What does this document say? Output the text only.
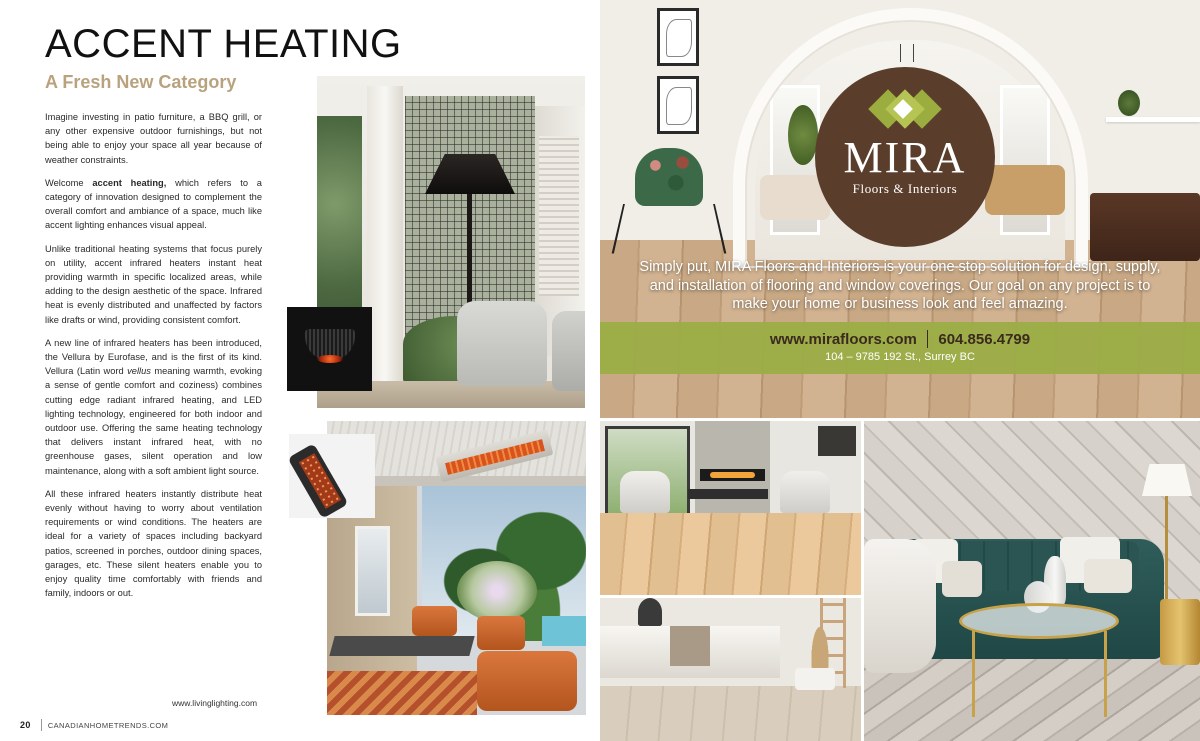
ACCENT HEATING
A Fresh New Category

Imagine investing in patio furniture, a BBQ grill, or any other expensive outdoor furnishings, but not being able to enjoy your space all year because of weather constraints.

Welcome accent heating, which refers to a category of innovation designed to complement the overall comfort and ambiance of a space, much like accent lighting enhances visual appeal.

Unlike traditional heating systems that focus purely on utility, accent infrared heaters instant heat providing warmth in specific localized areas, while adding to the design aesthetic of the space. Infrared heat is evenly distributed and unaffected by factors like drafts or wind, providing consistent comfort.

A new line of infrared heaters has been introduced, the Vellura by Eurofase, and is the first of its kind. Vellura (Latin word vellus meaning warmth, evoking a sense of gentle comfort and coziness) combines cutting edge radiant infrared heating, and LED lighting technology, engineered for both indoor and outdoor use. Offering the same heating technology that delivers instant infrared heat, with no greenhouse gases, silent operation and low maintenance, along with a soft ambient light source.

All these infrared heaters instantly distribute heat evenly without having to worry about ventilation requirements or wind conditions. The heaters are ideal for a variety of spaces including backyard patios, screened in porches, outdoor dining spaces, garages, etc. These silent heaters enable you to enjoy quality time comfortably with friends and family, indoors or out.

www.livinglighting.com
20 CANADIANHOMETRENDS.COM
MIRA
Floors & Interiors
Simply put, MIRA Floors and Interiors is your one stop solution for design, supply, and installation of flooring and window coverings. Our goal on any project is to make your home or business look and feel amazing.
www.mirafloors.com 604.856.4799
104 – 9785 192 St., Surrey BC
